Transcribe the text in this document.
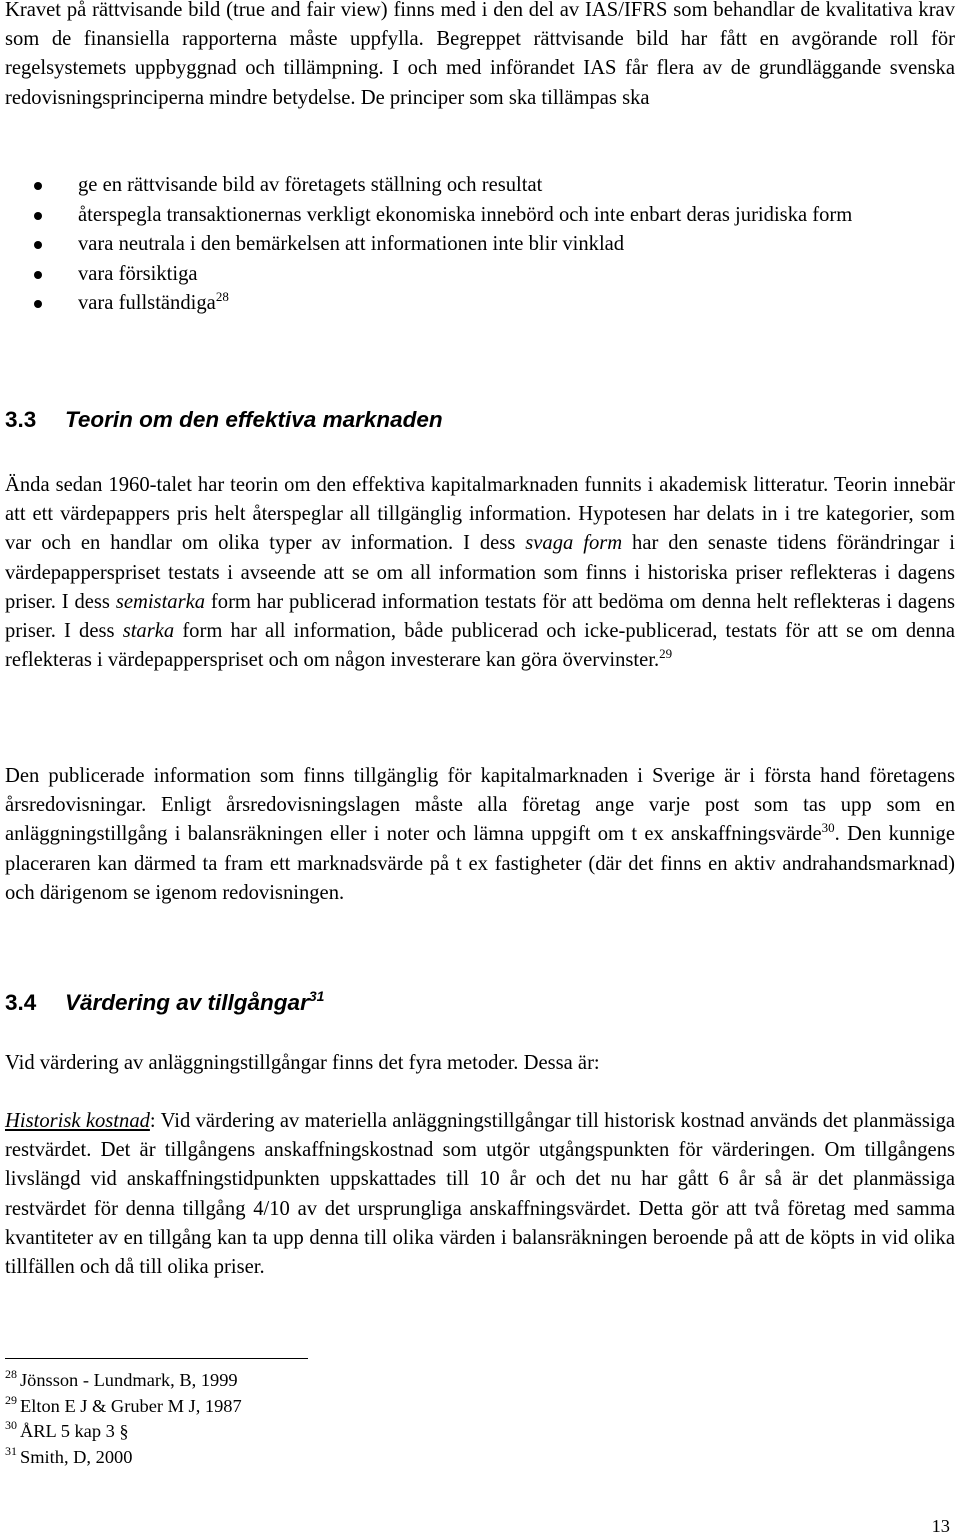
Kravet på rättvisande bild (true and fair view) finns med i den del av IAS/IFRS som behandlar de kvalitativa krav som de finansiella rapporterna måste uppfylla. Begreppet rättvisande bild har fått en avgörande roll för regelsystemets uppbyggnad och tillämpning. I och med införandet IAS får flera av de grundläggande svenska redovisningsprinciperna mindre betydelse. De principer som ska tillämpas ska

ge en rättvisande bild av företagets ställning och resultat
återspegla transaktionernas verkligt ekonomiska innebörd och inte enbart deras juridiska form
vara neutrala i den bemärkelsen att informationen inte blir vinklad
vara försiktiga
vara fullständiga$^{28}$
3.3 Teorin om den effektiva marknaden

Ända sedan 1960-talet har teorin om den effektiva kapitalmarknaden funnits i akademisk litteratur. Teorin innebär att ett värdepappers pris helt återspeglar all tillgänglig information. Hypotesen har delats in i tre kategorier, som var och en handlar om olika typer av information. I dess svaga form har den senaste tidens förändringar i värdepapperspriset testats i avseende att se om all information som finns i historiska priser reflekteras i dagens priser. I dess semistarka form har publicerad information testats för att bedöma om denna helt reflekteras i dagens priser. I dess starka form har all information, både publicerad och icke-publicerad, testats för att se om denna reflekteras i värdepapperspriset och om någon investerare kan göra övervinster.$^{29}$

Den publicerade information som finns tillgänglig för kapitalmarknaden i Sverige är i första hand företagens årsredovisningar. Enligt årsredovisningslagen måste alla företag ange varje post som tas upp som en anläggningstillgång i balansräkningen eller i noter och lämna uppgift om t ex anskaffningsvärde$^{30}$. Den kunnige placeraren kan därmed ta fram ett marknadsvärde på t ex fastigheter (där det finns en aktiv andrahandsmarknad) och därigenom se igenom redovisningen.

3.4 Värdering av tillgångar$^{31}$

Vid värdering av anläggningstillgångar finns det fyra metoder. Dessa är:

Historisk kostnad: Vid värdering av materiella anläggningstillgångar till historisk kostnad används det planmässiga restvärdet. Det är tillgångens anskaffningskostnad som utgör utgångspunkten för värderingen. Om tillgångens livslängd vid anskaffningstidpunkten uppskattades till 10 år och det nu har gått 6 år så är det planmässiga restvärdet för denna tillgång 4/10 av det ursprungliga anskaffningsvärdet. Detta gör att två företag med samma kvantiteter av en tillgång kan ta upp denna till olika värden i balansräkningen beroende på att de köpts in vid olika tillfällen och då till olika priser.

$^{28}$ Jönsson - Lundmark, B, 1999

$^{29}$ Elton E J & Gruber M J, 1987

$^{30}$ ÅRL 5 kap 3 §

$^{31}$ Smith, D, 2000

13
